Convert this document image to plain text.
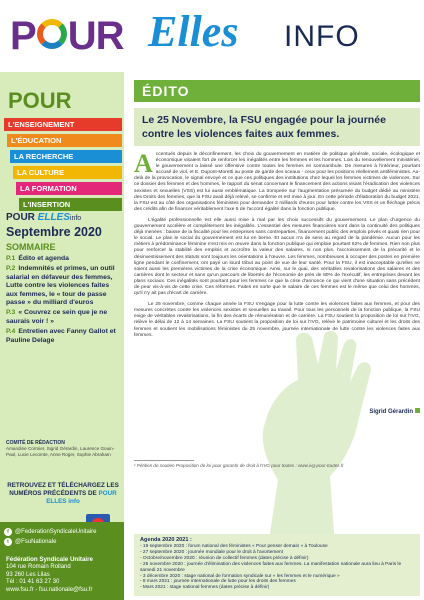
P UR Elles INFO
POUR
L'ENSEIGNEMENT
L'ÉDUCATION
LA RECHERCHE
LA CULTURE
LA FORMATION
L'INSERTION
POUR ELLESinfo
Septembre 2020
SOMMAIRE
P.1 Édito et agenda
P.2 Indemnités et primes, un outil salarial en défaveur des femmes, Lutte contre les violences faites aux femmes, le « tour de passe passe » du milliard d'euros
P.3 « Couvrez ce sein que je ne saurais voir ! »
P.4 Entretien avec Fanny Gallot et Pauline Delage
COMITÉ DE RÉDACTION
Amandine Cormier, Sigrid Gérardin, Laurence Gouin-Paul, Lucie Lecomte, Anne Roger, Sophie Abraham
RETROUVEZ ET TÉLÉCHARGEZ LES NUMÉROS PRÉCÉDENTS DE POUR ELLES info
f	@FederationSyndicaleUnitaire
t	@FsuNationale
Fédération Syndicale Unitaire
104 rue Romain Rolland
93 260 Les Lilas
Tél : 01 41 63 27 30
www.fsu.fr - fsu.nationale@fsu.fr
ÉDITO
Le 25 Novembre, la FSU engagée pour la journée contre les violences faites aux femmes.

Accentués depuis le déconfinement, les choix du gouvernement en matière de politique générale, sociale, écologique et économique visaient fort de renforcer les inégalités entre les femmes et les hommes. Lois du renouvellement ministériel, le gouvernement a laissé une offensive contre toutes les femmes en somnambule. De mesures à l'intérieur, pourtant accusé de viol, et E. Dupont-Moretti au poste de garde des sceaux - ceux pour les positions réellement antiféministes. Au-delà de la provocation, le signal envoyé et ce que ces politiques des institutions chez lequel les femmes victimes de violences. Sur ce dossier des femmes et des hommes, le rapport du sénat concernant le financement des actions visant l'éradication des violences sexistes et sexuelles (VSS) est lui aussi emblématique. La tromperie sur l'augmentation présumée du budget dédié au ministère des Droits des femmes, que la FSU avait déjà relevé, se confirme et est mise à jour. En cette période d'élaboration du budget 2021, la FSU est au côté des organisations féministes pour demander 2 milliards d'euros pour lutter contre les VSS et un fléchage précis des crédits afin de financer véritablement l'axe 5 de l'accord égalité dans la fonction publique.

L'égalité professionnelle est elle aussi mise à mal par les choix successifs du gouvernement. Le plan d'urgence du gouvernement accélère et complètement les inégalités. L'essentiel des mesures financières sont dans la continuité des politiques déjà menées : baisse de la fiscalité pour les entreprises sans contreparties, financement public des emplois privés et quasi rien pour le social. Le plan le social du gouvernement est lui en berne. Et aucun n'a de sens au regard de la pandémie. Aucun pour les métiers à prédominance féminine n'est mis en œuvre dans la fonction publique qui emploie pourtant 62% de femmes. Rien non plus pour renforcer la stabilité des emplois et accroître la valeur des salaires, ni non plus, l'accroissement de la précarité et le désinvestissement des statuts sont toujours les orientations à l'œuvre. Les femmes, nombreuses à occuper des postes en première ligne pendant le confinement, ont payé un lourd tribut au point de vue de leur santé. Pour la FSU, il est inacceptable qu'elles ne soient aussi les premières victimes de la crise économique. Ainsi, sur le quai, des véritables revalorisations des salaires et des carrières dont le secteur et sans qu'un parcours de libertés de l'économie de près de 80% de l'exécutif, les entreprises devant les plans sociaux. Ces inégalités sont pourtant pour les femmes ce que la crise d'annonce ce qui vient d'une situation sans précédent de peur vis-à-vis de cette crise. Ces réformes. Faites en sorte que le salaire de ces femmes est le même que celui des hommes, qu'il n'y ait pas d'écart de carrière.

Le 25 novembre, comme chaque année la FSU s'engage pour la lutte contre les violences faites aux femmes, et pour des mesures concrètes contre les violences sexistes et sexuelles au travail. Pour tous les personnels de la fonction publique, la FSU exige de véritables revalorisations, la fin des écarts de rémunération et de carrière. La FSU soutient la proposition de loi sur l'IVG, relève le délai de 12 à 14 semaines. La FSU soutient la proposition de loi sur l'IVG, relève le patrimoine culturel et les droits des femmes et soutient les mobilisations féministes du 25 novembre, journée internationale de lutte contre les violences faites aux femmes.

Sigrid Gérardin
¹ Pétition de soutien Proposition de loi pour garantir de droit à l'IVG pour toutes : www.ivg-pour-toutes.fr
Agenda 2020 2021 :
- 19 septembre 2020 : forum national des féministes « Pour penser demain » à Toulouse
- 27 septembre 2020 : journée mondiale pour le droit à l'avortement
- Octobre/novembre 2020 : réunion de collectif femmes (dates précise à définir)
- 25 novembre 2020 : journée d'élimination des violences faites aux femmes. La manifestation nationale aura lieu à Paris le samedi 21 novembre
- 3 décembre 2020 : stage national de formation syndicale sur « les femmes et le numérique »
- 8 mars 2021 : journée internationale de lutte pour les droits des femmes
- Mars 2021 : stage national femmes (dates précise à définir)
